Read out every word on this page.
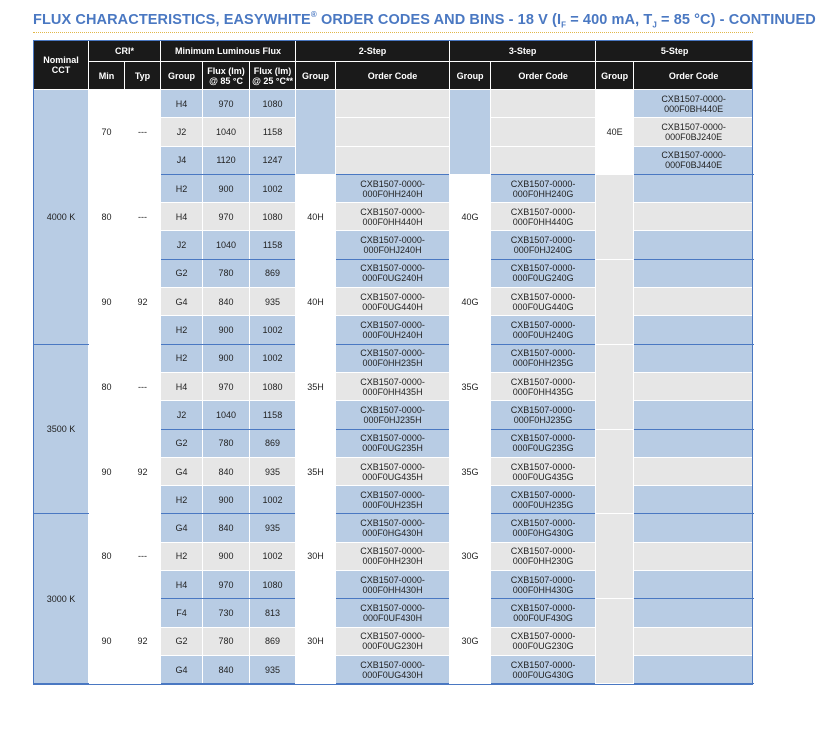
FLUX CHARACTERISTICS, EASYWHITE® ORDER CODES AND BINS - 18 V ($I_F = 400$ mA, $T_J = 85$ °C) - CONTINUED
Nominal CCT	CRI*		Minimum Luminous Flux			2-Step		3-Step		5-Step	
	Min	Typ	Group	Flux (lm) @ 85 °C	Flux (lm) @ 25 °C**	Group	Order Code	Group	Order Code	Group	Order Code
4000 K	70	---	H4	970	1080					40E	CXB1507-0000-000F0BH440E
			J2	1040	1158						CXB1507-0000-000F0BJ240E
			J4	1120	1247						CXB1507-0000-000F0BJ440E
	80	---	H2	900	1002	40H	CXB1507-0000-000F0HH240H	40G	CXB1507-0000-000F0HH240G		
			H4	970	1080		CXB1507-0000-000F0HH440H		CXB1507-0000-000F0HH440G		
			J2	1040	1158		CXB1507-0000-000F0HJ240H		CXB1507-0000-000F0HJ240G		
	90	92	G2	780	869	40H	CXB1507-0000-000F0UG240H	40G	CXB1507-0000-000F0UG240G		
			G4	840	935		CXB1507-0000-000F0UG440H		CXB1507-0000-000F0UG440G		
			H2	900	1002		CXB1507-0000-000F0UH240H		CXB1507-0000-000F0UH240G		
3500 K	80	---	H2	900	1002	35H	CXB1507-0000-000F0HH235H	35G	CXB1507-0000-000F0HH235G		
			H4	970	1080		CXB1507-0000-000F0HH435H		CXB1507-0000-000F0HH435G		
			J2	1040	1158		CXB1507-0000-000F0HJ235H		CXB1507-0000-000F0HJ235G		
	90	92	G2	780	869	35H	CXB1507-0000-000F0UG235H	35G	CXB1507-0000-000F0UG235G		
			G4	840	935		CXB1507-0000-000F0UG435H		CXB1507-0000-000F0UG435G		
			H2	900	1002		CXB1507-0000-000F0UH235H		CXB1507-0000-000F0UH235G		
3000 K	80	---	G4	840	935	30H	CXB1507-0000-000F0HG430H	30G	CXB1507-0000-000F0HG430G		
			H2	900	1002		CXB1507-0000-000F0HH230H		CXB1507-0000-000F0HH230G		
			H4	970	1080		CXB1507-0000-000F0HH430H		CXB1507-0000-000F0HH430G		
	90	92	F4	730	813	30H	CXB1507-0000-000F0UF430H	30G	CXB1507-0000-000F0UF430G		
			G2	780	869		CXB1507-0000-000F0UG230H		CXB1507-0000-000F0UG230G		
			G4	840	935		CXB1507-0000-000F0UG430H		CXB1507-0000-000F0UG430G		
